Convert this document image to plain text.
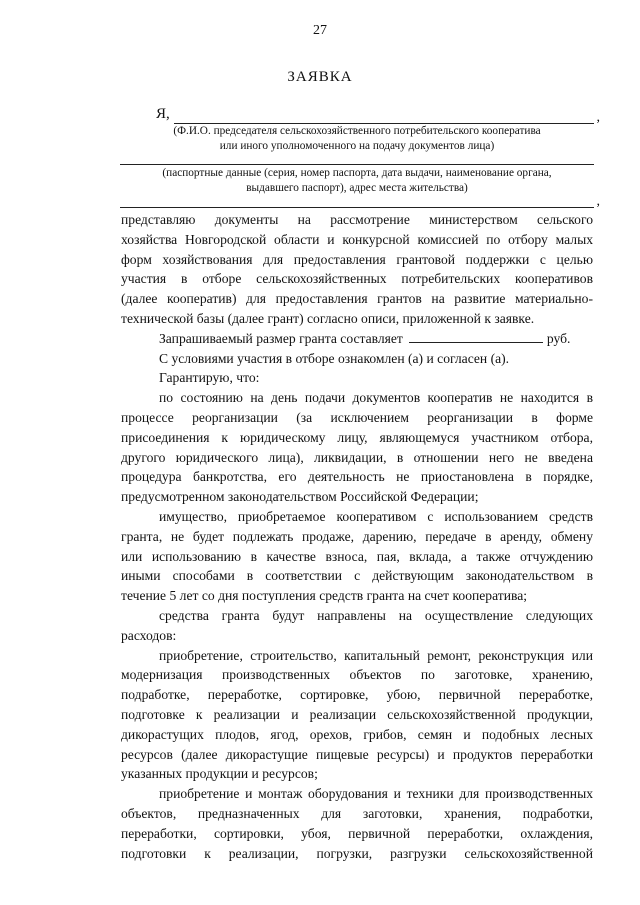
27
ЗАЯВКА
Я,	,
(Ф.И.О. председателя сельскохозяйственного потребительского кооператива
или иного уполномоченного на подачу документов лица)
(паспортные данные (серия, номер паспорта, дата выдачи, наименование органа,
выдавшего паспорт), адрес места жительства)
,

представляю документы на рассмотрение министерством сельского
хозяйства Новгородской области и конкурсной комиссией по отбору малых
форм хозяйствования для предоставления грантовой поддержки с целью
участия в отборе сельскохозяйственных потребительских кооперативов
(далее кооператив) для предоставления грантов на развитие материально-
технической базы (далее грант) согласно описи, приложенной к заявке.

Запрашиваемый размер гранта составляет	руб.

С условиями участия в отборе ознакомлен (а) и согласен (а).

Гарантирую, что:

по состоянию на день подачи документов кооператив не находится в
процессе реорганизации (за исключением реорганизации в форме
присоединения к юридическому лицу, являющемуся участником отбора,
другого юридического лица), ликвидации, в отношении него не введена
процедура банкротства, его деятельность не приостановлена в порядке,
предусмотренном законодательством Российской Федерации;

имущество, приобретаемое кооперативом с использованием средств
гранта, не будет подлежать продаже, дарению, передаче в аренду, обмену
или использованию в качестве взноса, пая, вклада, а также отчуждению
иными способами в соответствии с действующим законодательством в
течение 5 лет со дня поступления средств гранта на счет кооператива;

средства гранта будут направлены на осуществление следующих
расходов:

приобретение, строительство, капитальный ремонт, реконструкция или
модернизация производственных объектов по заготовке, хранению,
подработке, переработке, сортировке, убою, первичной переработке,
подготовке к реализации и реализации сельскохозяйственной продукции,
дикорастущих плодов, ягод, орехов, грибов, семян и подобных лесных
ресурсов (далее дикорастущие пищевые ресурсы) и продуктов переработки
указанных продукции и ресурсов;

приобретение и монтаж оборудования и техники для производственных
объектов, предназначенных для заготовки, хранения, подработки,
переработки, сортировки, убоя, первичной переработки, охлаждения,
подготовки к реализации, погрузки, разгрузки сельскохозяйственной
